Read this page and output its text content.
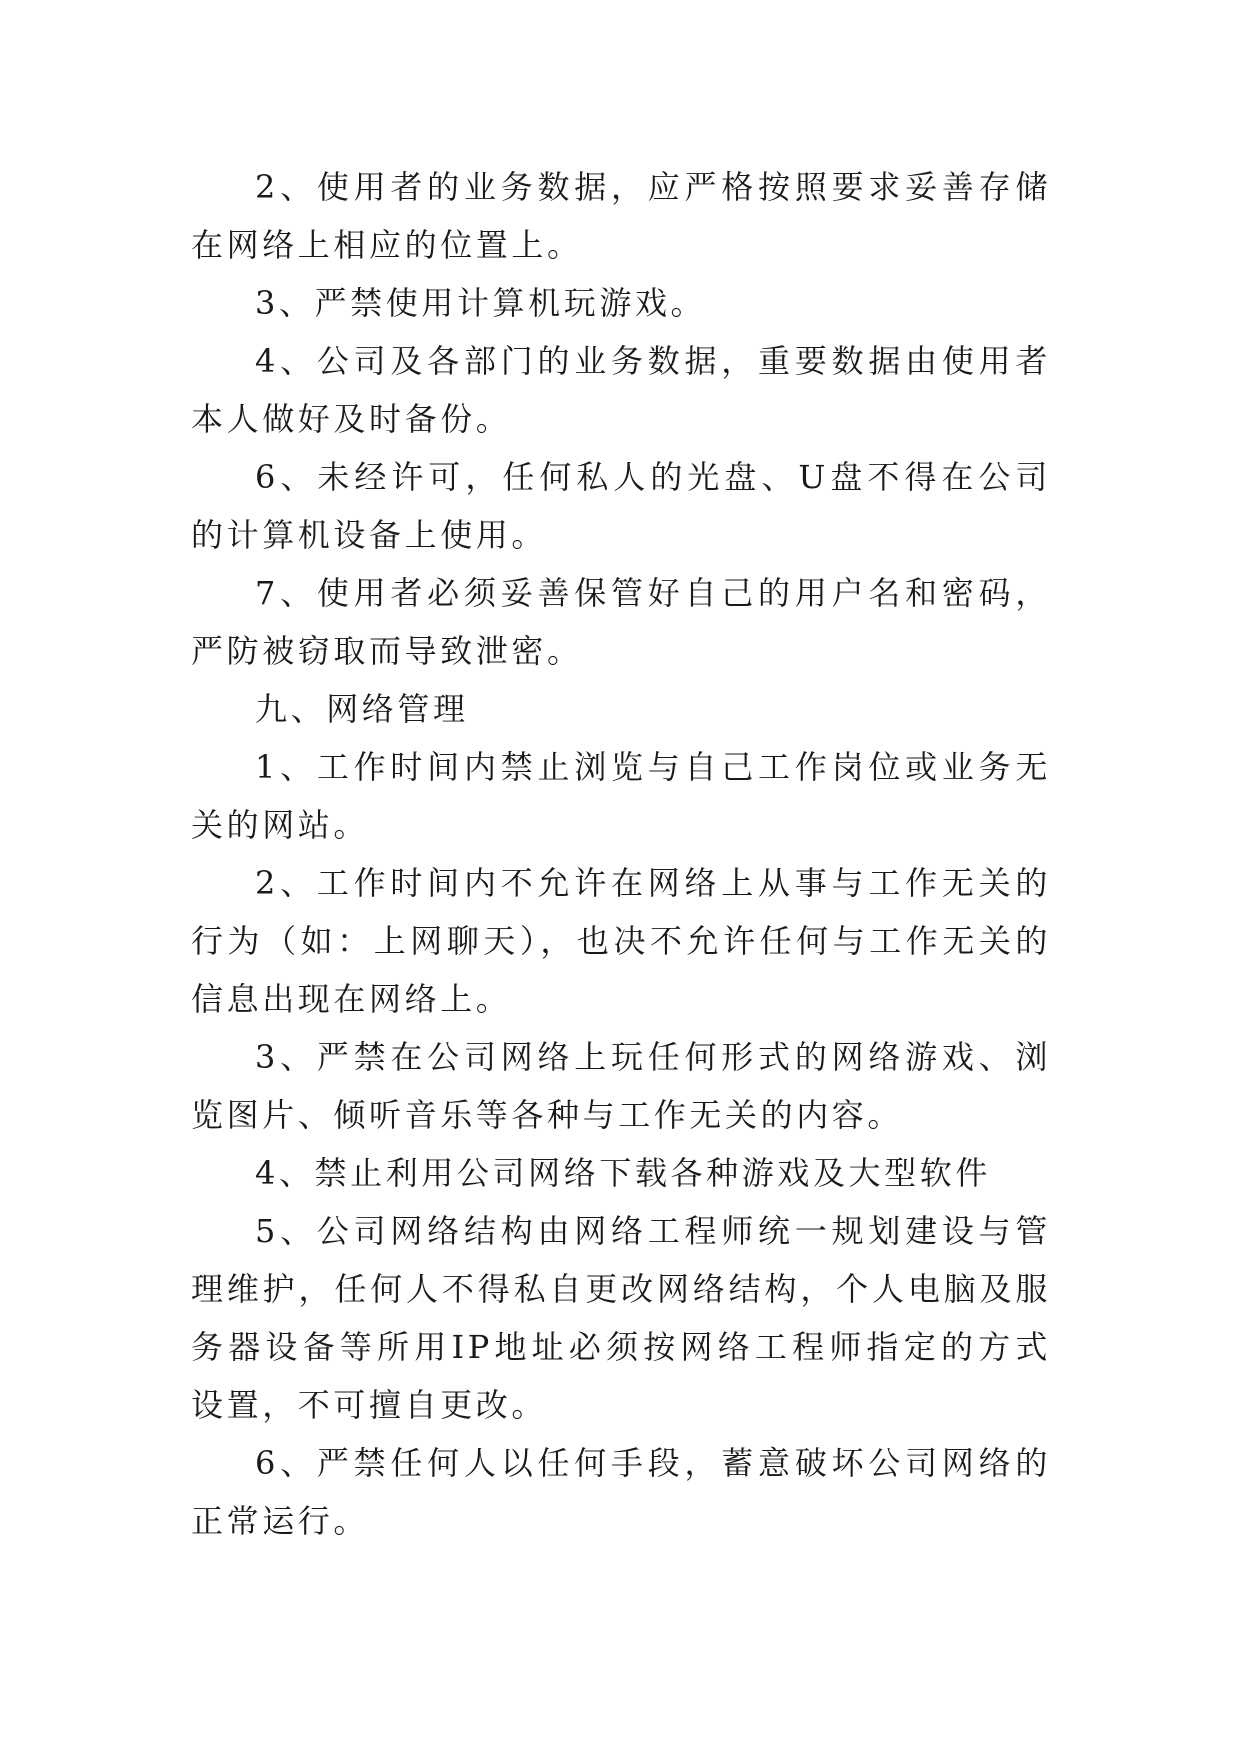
2、使用者的业务数据，应严格按照要求妥善存储在网络上相应的位置上。

3、严禁使用计算机玩游戏。

4、公司及各部门的业务数据，重要数据由使用者本人做好及时备份。

6、未经许可，任何私人的光盘、U盘不得在公司的计算机设备上使用。

7、使用者必须妥善保管好自己的用户名和密码，严防被窃取而导致泄密。

九、网络管理

1、工作时间内禁止浏览与自己工作岗位或业务无关的网站。

2、工作时间内不允许在网络上从事与工作无关的行为（如：上网聊天），也决不允许任何与工作无关的信息出现在网络上。

3、严禁在公司网络上玩任何形式的网络游戏、浏览图片、倾听音乐等各种与工作无关的内容。

4、禁止利用公司网络下载各种游戏及大型软件

5、公司网络结构由网络工程师统一规划建设与管理维护，任何人不得私自更改网络结构，个人电脑及服务器设备等所用IP地址必须按网络工程师指定的方式设置，不可擅自更改。

6、严禁任何人以任何手段，蓄意破坏公司网络的正常运行。
